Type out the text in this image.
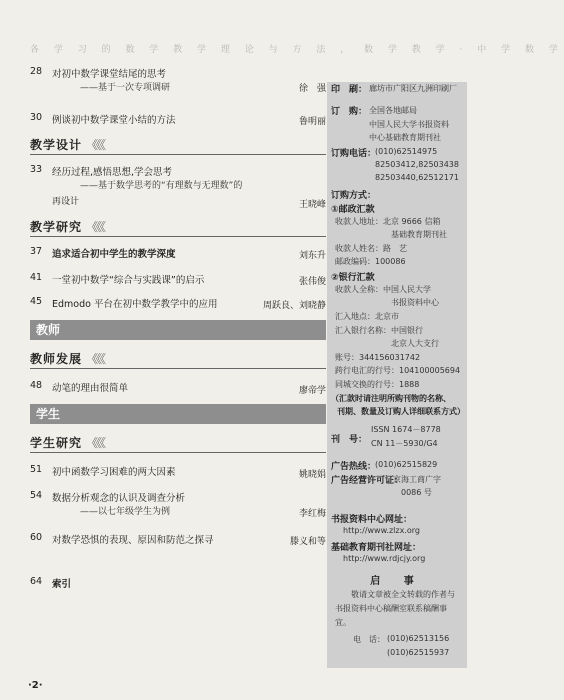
各 学 习 的 数 学 教 学 理 论 与 方 法 ， 数 学 教 学 · 中 学 数 学
28	对初中数学课堂结尾的思考
——基于一次专项调研	徐　强
30	例谈初中数学课堂小结的方法	鲁明丽
教学设计 《《《
33	经历过程,感悟思想,学会思考
——基于数学思考的“有理数与无理数”的
再设计	王晓峰
教学研究 《《《
37	追求适合初中学生的教学深度	刘东升
41	一堂初中数学“综合与实践课”的启示	张伟俊
45	Edmodo 平台在初中数学教学中的应用	周跃良、刘晓静
教师
教师发展 《《《
48	动笔的理由很简单	廖帝学
学生
学生研究 《《《
51	初中函数学习困难的两大因素	姚晓娟
54	数据分析观念的认识及调查分析
——以七年级学生为例	李红梅
60	对数学恐惧的表现、原因和防范之探寻	滕义和等
64	索引
印　刷： 廊坊市广阳区九洲印刷厂
订　购： 全国各地邮局
中国人民大学书报资料
中心基础教育期刊社
订购电话：
(010)62514975
82503412,82503438
82503440,62512171
订购方式：
①邮政汇款
收款人地址：北京 9666 信箱
基础教育期刊社
收款人姓名：路　艺
邮政编码：100086
②银行汇款
收款人全称：中国人民大学
书报资料中心
汇入地点：北京市
汇入银行名称：中国银行
北京人大支行
账号：344156031742
跨行电汇的行号：104100005694
同城交换的行号：1888
（汇款时请注明所购刊物的名称、
刊期、数量及订购人详细联系方式）
刊　号：
ISSN 1674－8778
CN 11－5930/G4
广告热线：
(010)62515829
广告经营许可证：
京海工商广字
0086 号
书报资料中心网址：
http://www.zlzx.org
基础教育期刊社网址：
http://www.rdjcjy.org
启 事
　　敬请文章被全文转载的作者与书报资料中心稿酬室联系稿酬事宜。
电　话： (010)62513156
(010)62515937
·2·
